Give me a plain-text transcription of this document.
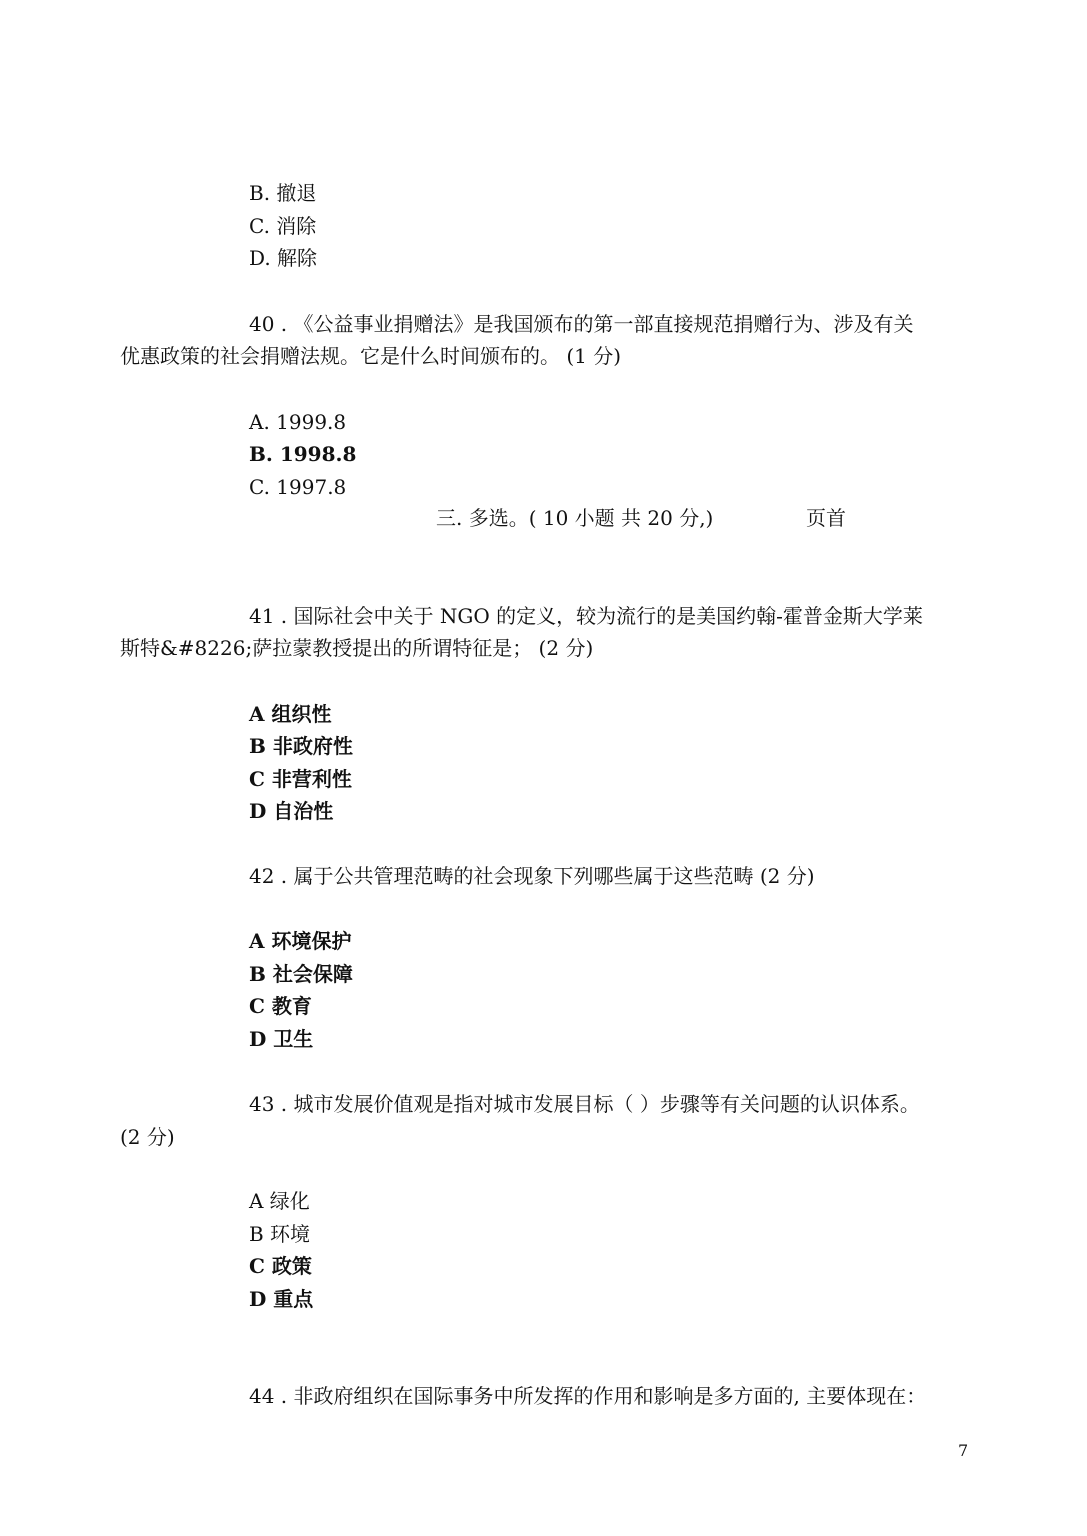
B. 撤退
C. 消除
D. 解除
40 . 《公益事业捐赠法》是我国颁布的第一部直接规范捐赠行为、涉及有关
优惠政策的社会捐赠法规。它是什么时间颁布的。 (1 分)
A. 1999.8
B. 1998.8
C. 1997.8
三. 多选。( 10 小题 共 20 分,)	页首
41 . 国际社会中关于 NGO 的定义，较为流行的是美国约翰-霍普金斯大学莱
斯特&#8226;萨拉蒙教授提出的所谓特征是； (2 分)
A 组织性
B 非政府性
C 非营利性
D 自治性
42 . 属于公共管理范畴的社会现象下列哪些属于这些范畴 (2 分)
A 环境保护
B 社会保障
C 教育
D 卫生
43 . 城市发展价值观是指对城市发展目标（ ）步骤等有关问题的认识体系。
(2 分)
A 绿化
B 环境
C 政策
D 重点
44 . 非政府组织在国际事务中所发挥的作用和影响是多方面的, 主要体现在：
7
